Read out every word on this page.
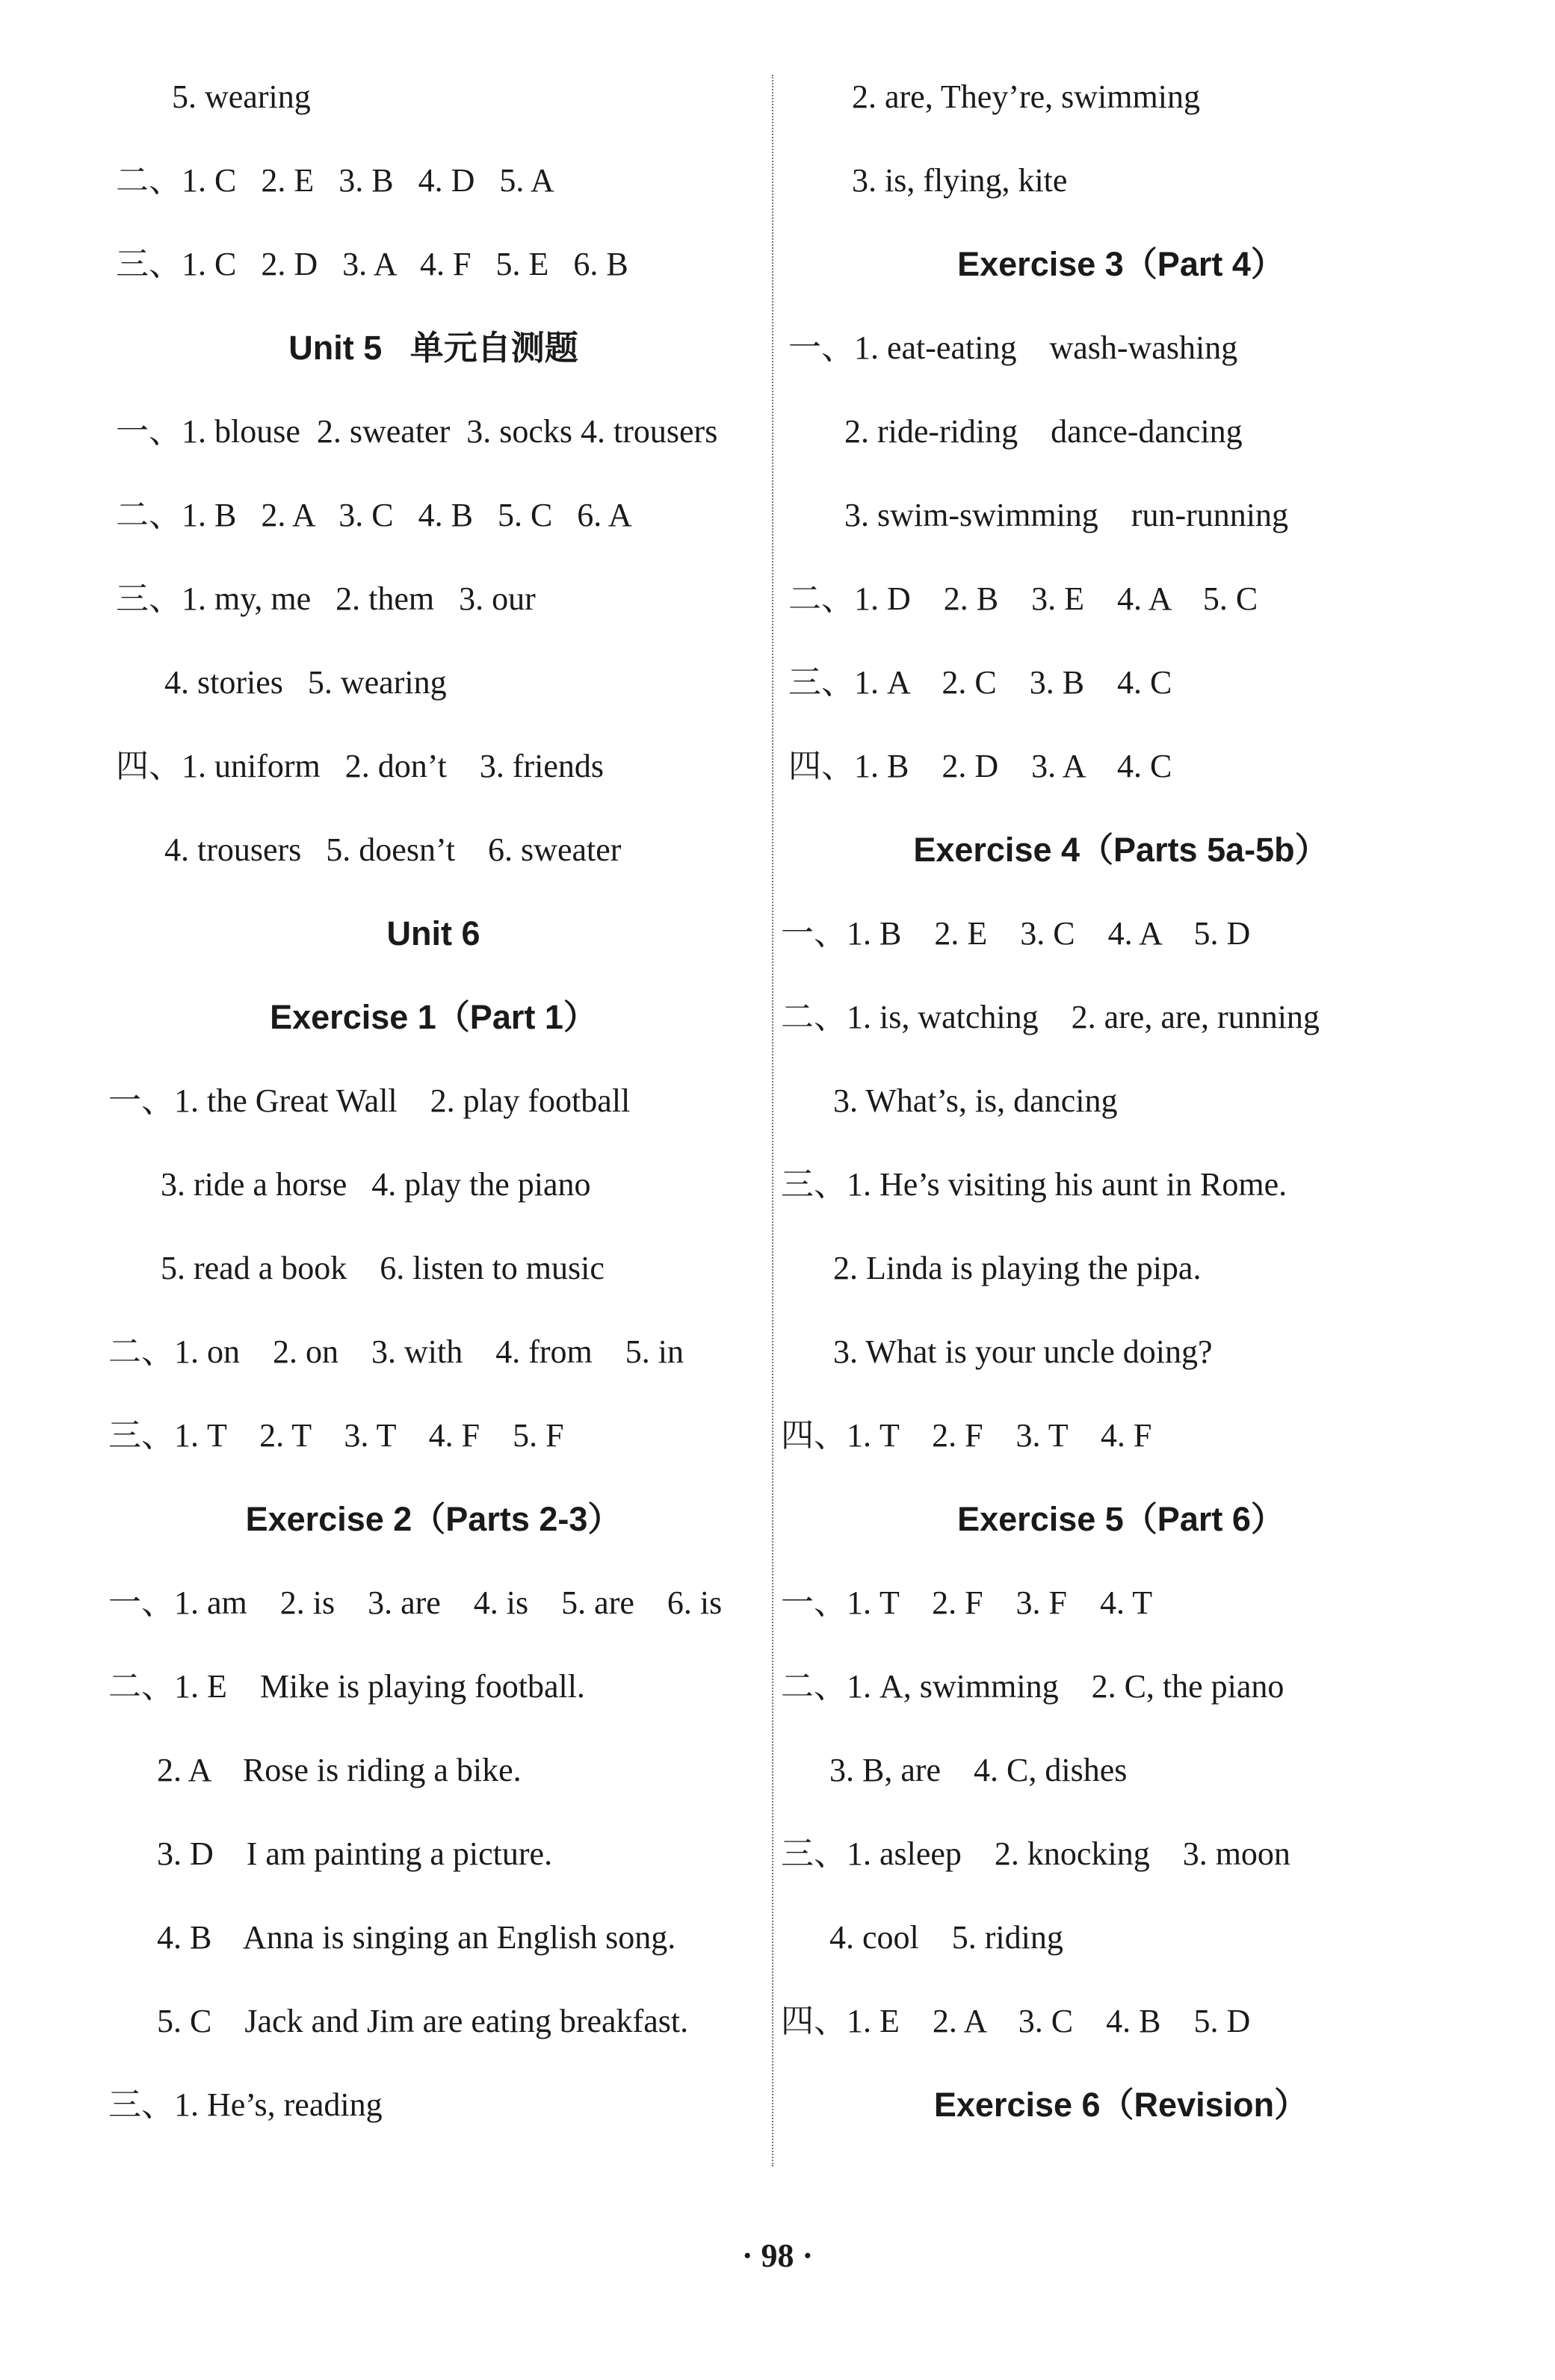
5. wearing
二、1. C   2. E   3. B   4. D   5. A
三、1. C   2. D   3. A   4. F   5. E   6. B
Unit 5   单元自测题
一、1. blouse  2. sweater  3. socks 4. trousers
二、1. B   2. A   3. C   4. B   5. C   6. A
三、1. my, me   2. them   3. our
4. stories   5. wearing
四、1. uniform   2. don’t    3. friends
4. trousers   5. doesn’t    6. sweater
Unit 6
Exercise 1（Part 1）
一、1. the Great Wall    2. play football
3. ride a horse   4. play the piano
5. read a book    6. listen to music
二、1. on    2. on    3. with    4. from    5. in
三、1. T    2. T    3. T    4. F    5. F
Exercise 2（Parts 2-3）
一、1. am    2. is    3. are    4. is    5. are    6. is
二、1. E    Mike is playing football.
2. A    Rose is riding a bike.
3. D    I am painting a picture.
4. B    Anna is singing an English song.
5. C    Jack and Jim are eating breakfast.
三、1. He’s, reading
2. are, They’re, swimming
3. is, flying, kite
Exercise 3（Part 4）
一、1. eat-eating    wash-washing
2. ride-riding    dance-dancing
3. swim-swimming    run-running
二、1. D    2. B    3. E    4. A    5. C
三、1. A    2. C    3. B    4. C
四、1. B    2. D    3. A    4. C
Exercise 4（Parts 5a-5b）
一、1. B    2. E    3. C    4. A    5. D
二、1. is, watching    2. are, are, running
3. What’s, is, dancing
三、1. He’s visiting his aunt in Rome.
2. Linda is playing the pipa.
3. What is your uncle doing?
四、1. T    2. F    3. T    4. F
Exercise 5（Part 6）
一、1. T    2. F    3. F    4. T
二、1. A, swimming    2. C, the piano
3. B, are    4. C, dishes
三、1. asleep    2. knocking    3. moon
4. cool    5. riding
四、1. E    2. A    3. C    4. B    5. D
Exercise 6（Revision）
· 98 ·
